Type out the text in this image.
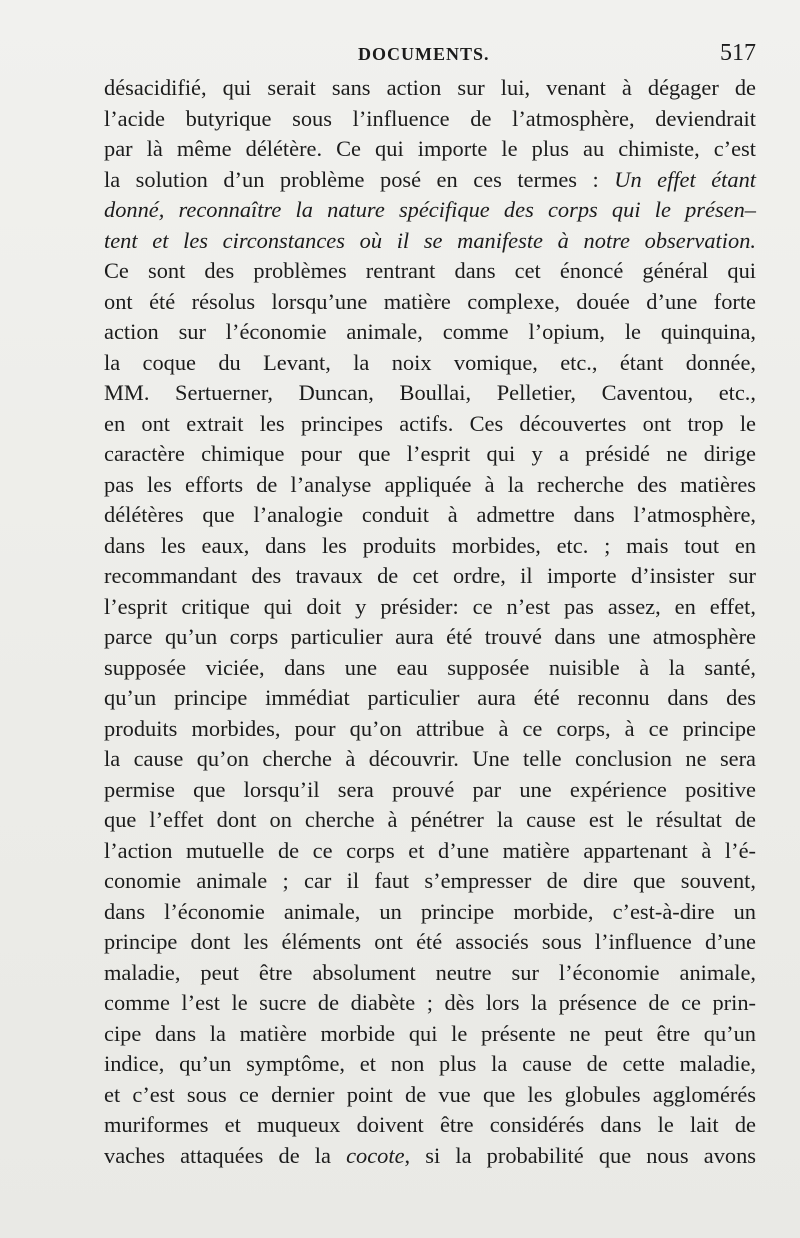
DOCUMENTS.	517
désacidifié, qui serait sans action sur lui, venant à dégager de
l’acide butyrique sous l’influence de l’atmosphère, deviendrait
par là même délétère. Ce qui importe le plus au chimiste, c’est
la solution d’un problème posé en ces termes : Un effet étant
donné, reconnaître la nature spécifique des corps qui le présen–
tent et les circonstances où il se manifeste à notre observation.
Ce sont des problèmes rentrant dans cet énoncé général qui
ont été résolus lorsqu’une matière complexe, douée d’une forte
action sur l’économie animale, comme l’opium, le quinquina,
la coque du Levant, la noix vomique, etc., étant donnée,
MM. Sertuerner, Duncan, Boullai, Pelletier, Caventou, etc.,
en ont extrait les principes actifs. Ces découvertes ont trop le
caractère chimique pour que l’esprit qui y a présidé ne dirige
pas les efforts de l’analyse appliquée à la recherche des matières
délétères que l’analogie conduit à admettre dans l’atmosphère,
dans les eaux, dans les produits morbides, etc. ; mais tout en
recommandant des travaux de cet ordre, il importe d’insister sur
l’esprit critique qui doit y présider: ce n’est pas assez, en effet,
parce qu’un corps particulier aura été trouvé dans une atmosphère
supposée viciée, dans une eau supposée nuisible à la santé,
qu’un principe immédiat particulier aura été reconnu dans des
produits morbides, pour qu’on attribue à ce corps, à ce principe
la cause qu’on cherche à découvrir. Une telle conclusion ne sera
permise que lorsqu’il sera prouvé par une expérience positive
que l’effet dont on cherche à pénétrer la cause est le résultat de
l’action mutuelle de ce corps et d’une matière appartenant à l’é-
conomie animale ; car il faut s’empresser de dire que souvent,
dans l’économie animale, un principe morbide, c’est-à-dire un
principe dont les éléments ont été associés sous l’influence d’une
maladie, peut être absolument neutre sur l’économie animale,
comme l’est le sucre de diabète ; dès lors la présence de ce prin-
cipe dans la matière morbide qui le présente ne peut être qu’un
indice, qu’un symptôme, et non plus la cause de cette maladie,
et c’est sous ce dernier point de vue que les globules agglomérés
muriformes et muqueux doivent être considérés dans le lait de
vaches attaquées de la cocote, si la probabilité que nous avons
